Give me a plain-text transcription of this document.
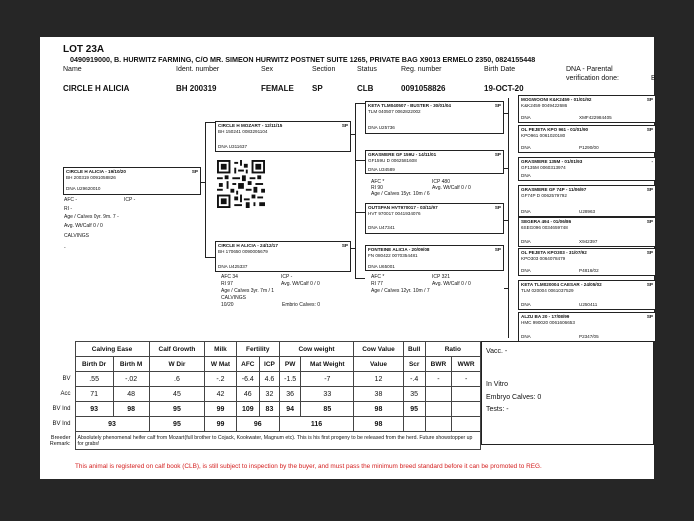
LOT 23A
0490919000, B. HURWITZ FARMING, C/O MR. SIMEON HURWITZ POSTNET SUITE 1265, PRIVATE BAG X9013 ERMELO 2350, 0824155448
Name	Ident. number	Sex	Section	Status	Reg. number	Birth Date	DNA - Parental
verification done:	B
CIRCLE H ALICIA	BH 200319	FEMALE SP	CLB	0091058826	19-OCT-20
CIRCLE H ALICIA - 19/10/20	SP
BH 200319 0091058826
DNA U29620010
AFC -	ICP -
RI -
Age / Calves 0yr. 9m. 7 -
Avg. Wt/Calf 0 / 0
CALVINGS
-
CIRCLE H MOZART - 12/11/15	SP
BH 150241 0083291104
DNA U311637
CIRCLE H ALICIA - 24/12/17	SP
BH 170650 0090005679
DNA U425337
AFC 34	ICP -
RI 97	Avg. Wt/Calf 0 / 0
Age / Calves 3yr. 7m / 1
CALVINGS
10/20	Embrio Calves: 0
KETA TLM040507 - BUSTER - 30/01/04	SP
TLM 040507 0062822002
DNA U25736
GRASMERE GF 159U - 14/11/01	SP
GF159U D 0062581608
DNA U34589
AFC *	ICP 480
RI 90	Avg. Wt/Calf 0 / 0
Age / Calves 15yr. 10m / 6
OUTSPAN HVT970017 - 03/11/97	SP
HVT 970017 0041934076
DNA U47341
FONTEINE ALICIA - 20/09/08	SP
FN 080422 0070354481
DNA U65001
AFC *	ICP 321
RI 77	Avg. Wt/Calf 0 / 0
Age / Calves 12yr. 10m / 7
MOGWOONI K&K2459 - 01/01/92	SP
K&K2459 0049422686
DNA	XMF422984405
OL PEJETA KPO 961 - 01/01/90	SP
KPO961 0061020180
DNA	P1290/00
GRASMERE 135M - 01/01/93	-
GF135M 0060313974
DNA
GRASMERE GF 74P - 11/06/97	SP
GF74P D 0062579792
DNA	U28963
SEGERA 494 - 01/06/86	SP
6SEG096 0034659748
DNA	X942397
OL PEJETA KPO303 - 31/07/92	SP
KPO303 0064078479
DNA	P4816/02
KETA TLM020004 CAESAR - 24/05/02	SP
TLM 020004 0061037529
DNA	U250411
ALZU BA 20 - 17/08/99	SP
HMC 990020 0061606653
DNA	P2347/05
	Calving Ease		Calf Growth	Milk	Fertility		Cow weight		Cow Value	Bull	Ratio	
	Birth Dr	Birth M	W Dir	W Mat	AFC	ICP	PW	Mat Weight	Value	Scr	BWR	WWR
BV	.55	-.02	.6	-.2	-6.4	4.6	-1.5	-7	12	-.4	-	-
Acc	71	48	45	42	46	32	36	33	38	35		
BV Ind	93	98	95	99	109	83	94	85	98	95		
BV Ind	93		95	99	96		116		98			
Breeder Remark:	Absolutely phenomenal heifer calf from Mozart(full brother to Cojack, Kookwater, Magnum etc). This is his first progeny to be released from the herd. Future showstopper up for grabs!											
Vacc. -
In Vitro
Embryo Calves: 0
Tests: -
This animal is registered on calf book (CLB), is still subject to inspection by the buyer, and must pass the minimum breed standard before it can be promoted to REG.
